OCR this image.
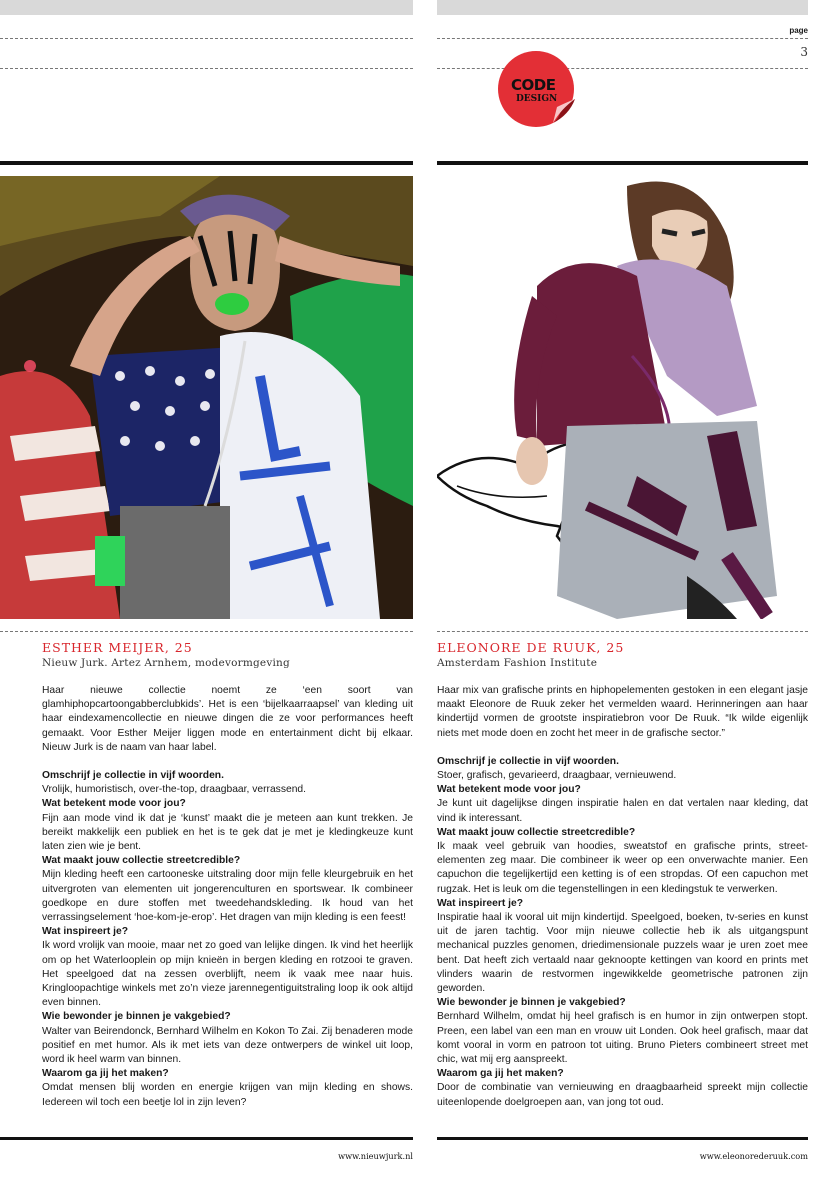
page
3
CODE
DESIGN
ESTHER MEIJER, 25
Nieuw Jurk. Artez Arnhem, modevormgeving
ELEONORE DE RUUK, 25
Amsterdam Fashion Institute

Haar nieuwe collectie noemt ze ‘een soort van glamhiphopcartoongabberclubkids’. Het is een ‘bijelkaarraapsel’ van kleding uit haar eindexamencollectie en nieuwe dingen die ze voor performances heeft gemaakt. Voor Esther Meijer liggen mode en entertainment dicht bij elkaar. Nieuw Jurk is de naam van haar label.

Omschrijf je collectie in vijf woorden.

Vrolijk, humoristisch, over-the-top, draagbaar, verrassend.

Wat betekent mode voor jou?

Fijn aan mode vind ik dat je ‘kunst’ maakt die je meteen aan kunt trekken. Je bereikt makkelijk een publiek en het is te gek dat je met je kledingkeuze kunt laten zien wie je bent.

Wat maakt jouw collectie streetcredible?

Mijn kleding heeft een cartooneske uitstraling door mijn felle kleurgebruik en het uitvergroten van elementen uit jongerenculturen en sportswear. Ik combineer goedkope en dure stoffen met tweedehandskleding. Ik houd van het verrassingselement ‘hoe-kom-je-erop’. Het dragen van mijn kleding is een feest!

Wat inspireert je?

Ik word vrolijk van mooie, maar net zo goed van lelijke dingen. Ik vind het heerlijk om op het Waterlooplein op mijn knieën in bergen kleding en rotzooi te graven. Het speelgoed dat na zessen overblijft, neem ik vaak mee naar huis. Kringloopachtige winkels met zo’n vieze jarennegentiguitstraling loop ik ook altijd even binnen.

Wie bewonder je binnen je vakgebied?

Walter van Beirendonck, Bernhard Wilhelm en Kokon To Zai. Zij benaderen mode positief en met humor. Als ik met iets van deze ontwerpers de winkel uit loop, word ik heel warm van binnen.

Waarom ga jij het maken?

Omdat mensen blij worden en energie krijgen van mijn kleding en shows. Iedereen wil toch een beetje lol in zijn leven?

Haar mix van grafische prints en hiphopelementen gestoken in een elegant jasje maakt Eleonore de Ruuk zeker het vermelden waard. Herinneringen aan haar kindertijd vormen de grootste inspiratiebron voor De Ruuk. “Ik wilde eigenlijk niets met mode doen en zocht het meer in de grafische sector.”

Omschrijf je collectie in vijf woorden.

Stoer, grafisch, gevarieerd, draagbaar, vernieuwend.

Wat betekent mode voor jou?

Je kunt uit dagelijkse dingen inspiratie halen en dat vertalen naar kleding, dat vind ik interessant.

Wat maakt jouw collectie streetcredible?

Ik maak veel gebruik van hoodies, sweatstof en grafische prints, street-elementen zeg maar. Die combineer ik weer op een onverwachte manier. Een capuchon die tegelijkertijd een ketting is of een stropdas. Of een capuchon met rugzak. Het is leuk om die tegenstellingen in een kledingstuk te verwerken.

Wat inspireert je?

Inspiratie haal ik vooral uit mijn kindertijd. Speelgoed, boeken, tv-series en kunst uit de jaren tachtig. Voor mijn nieuwe collectie heb ik als uitgangspunt mechanical puzzles genomen, driedimensionale puzzels waar je uren zoet mee bent. Dat heeft zich vertaald naar geknoopte kettingen van koord en prints met vlinders waarin de restvormen ingewikkelde geometrische patronen zijn geworden.

Wie bewonder je binnen je vakgebied?

Bernhard Wilhelm, omdat hij heel grafisch is en humor in zijn ontwerpen stopt. Preen, een label van een man en vrouw uit Londen. Ook heel grafisch, maar dat komt vooral in vorm en patroon tot uiting. Bruno Pieters combineert street met chic, wat mij erg aanspreekt.

Waarom ga jij het maken?

Door de combinatie van vernieuwing en draagbaarheid spreekt mijn collectie uiteenlopende doelgroepen aan, van jong tot oud.

www.nieuwjurk.nl	www.eleonorederuuk.com
